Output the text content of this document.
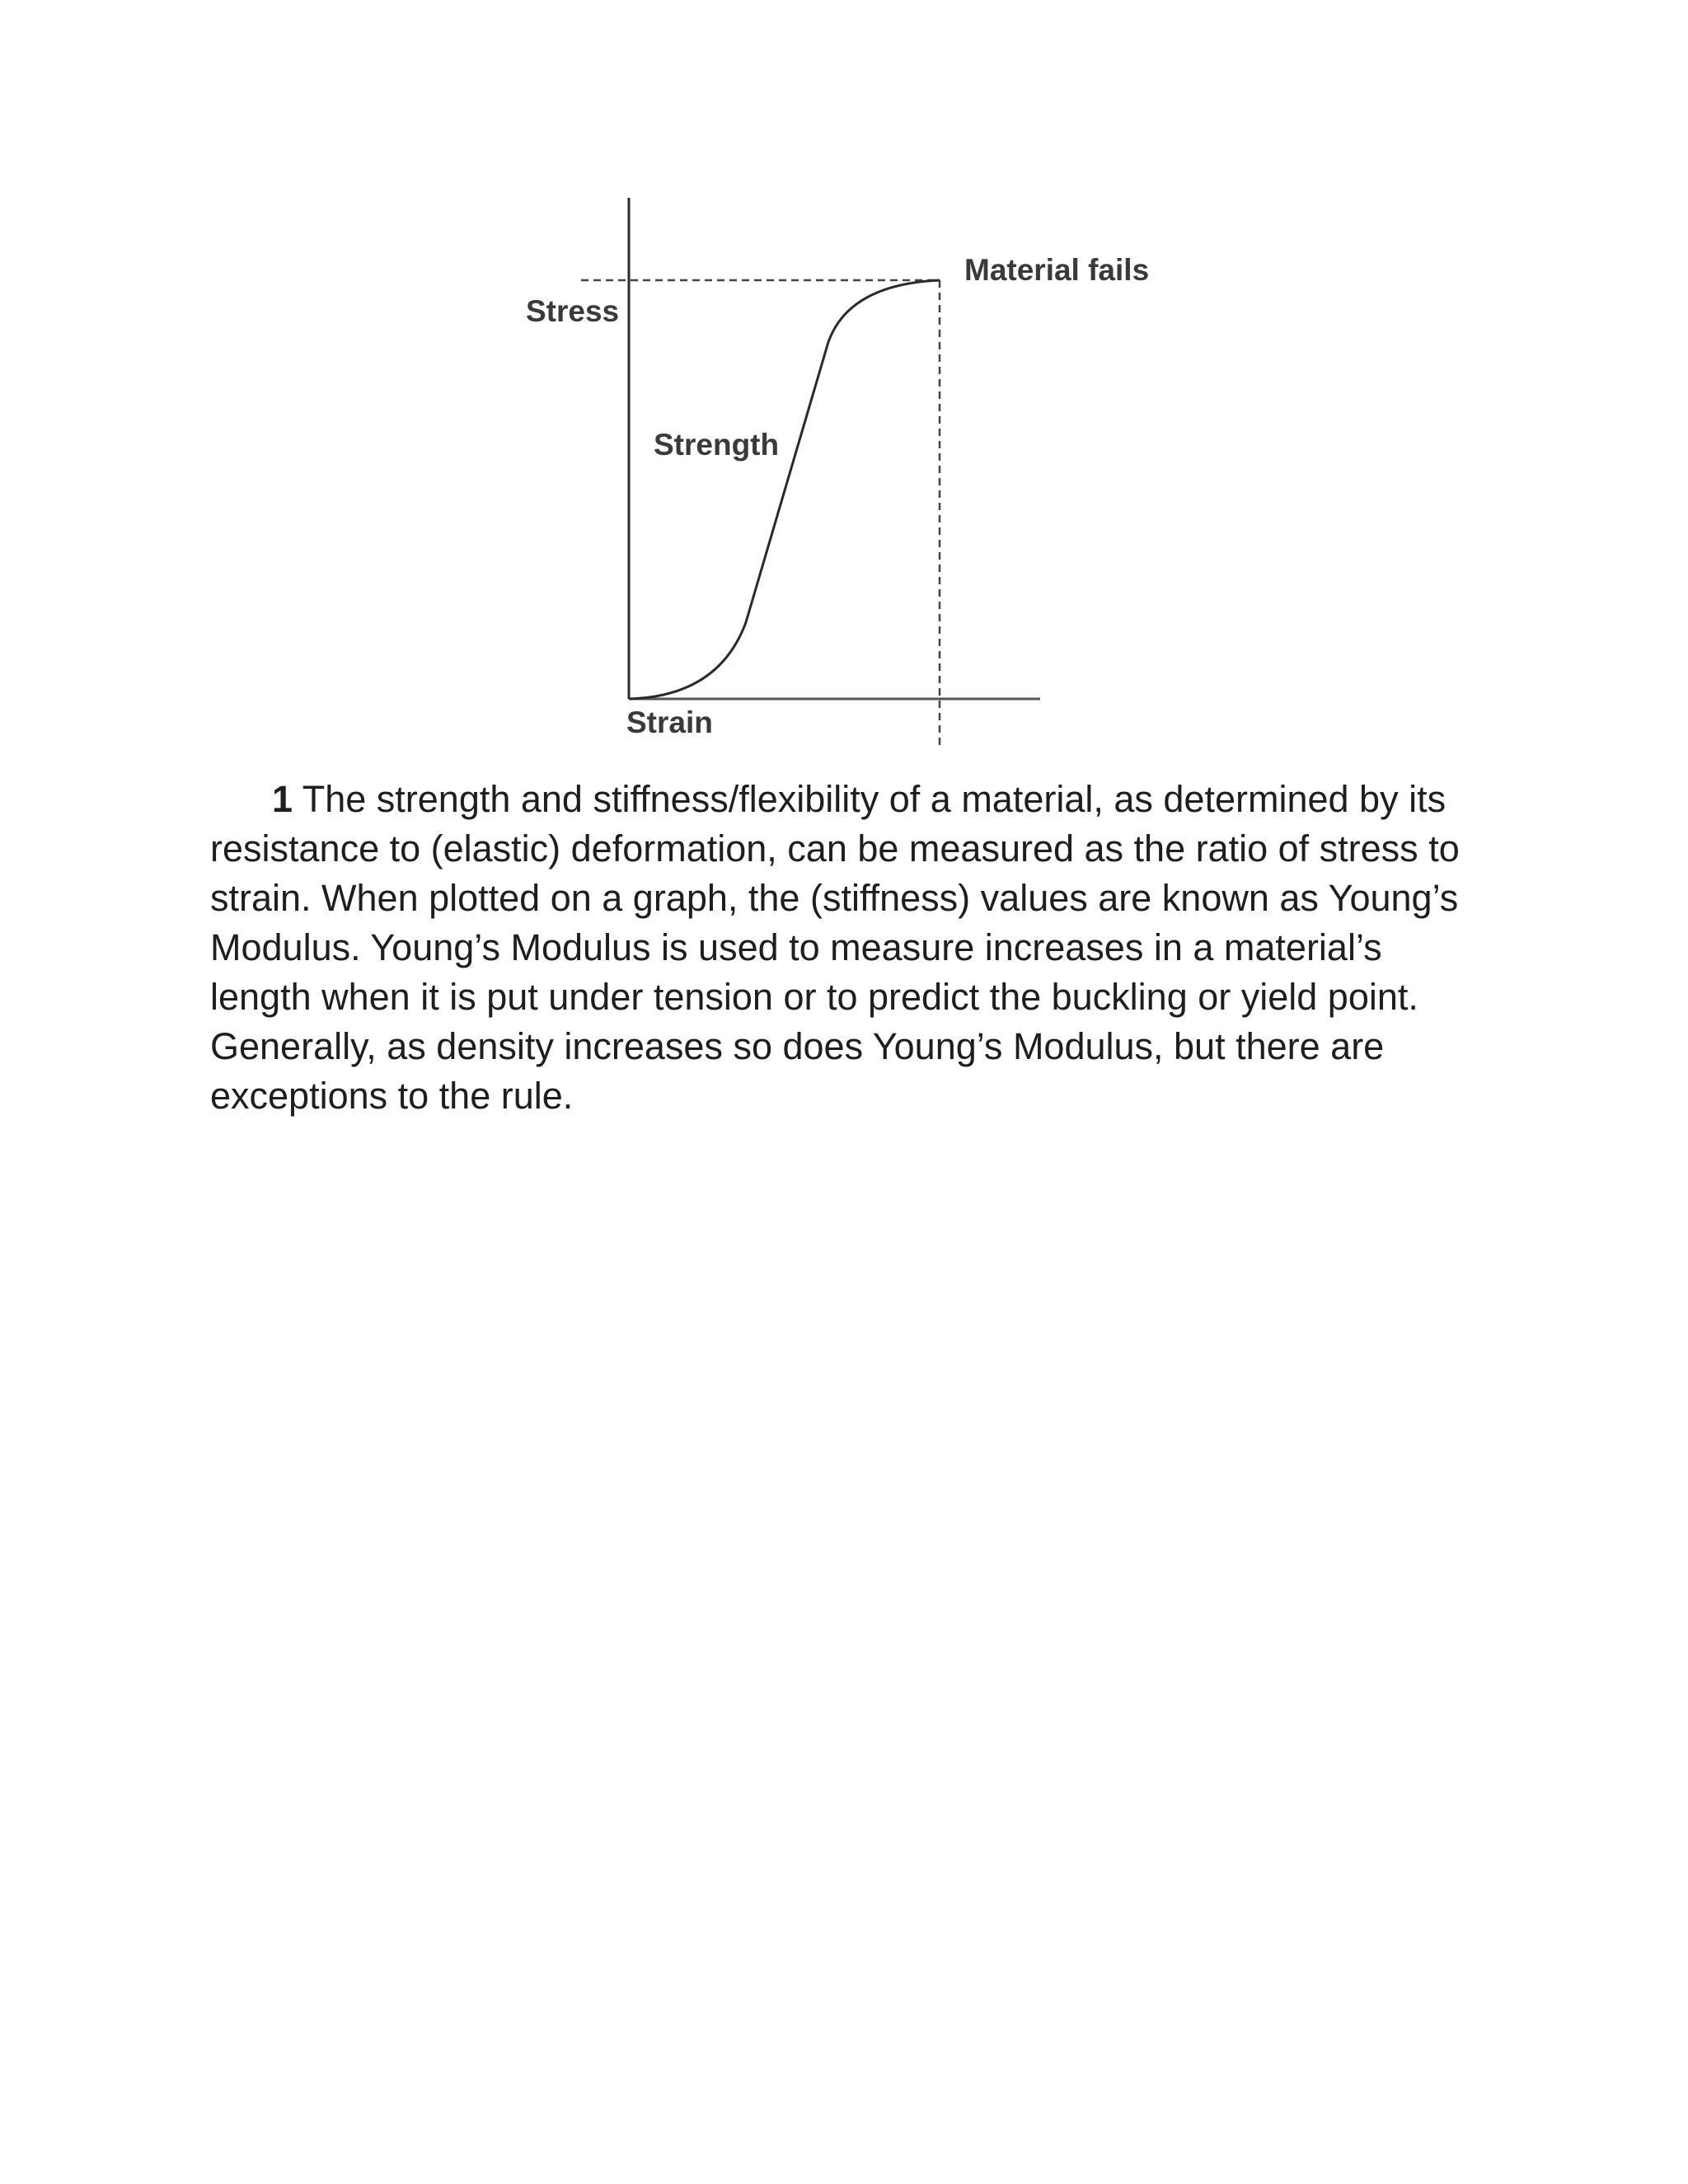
Stress
Strain
Strength
Material fails

1 The strength and stiffness/flexibility of a material, as determined by its resistance to (elastic) deformation, can be measured as the ratio of stress to strain. When plotted on a graph, the (stiffness) values are known as Young’s Modulus. Young’s Modulus is used to measure increases in a material’s length when it is put under tension or to predict the buckling or yield point. Generally, as density increases so does Young’s Modulus, but there are exceptions to the rule.
